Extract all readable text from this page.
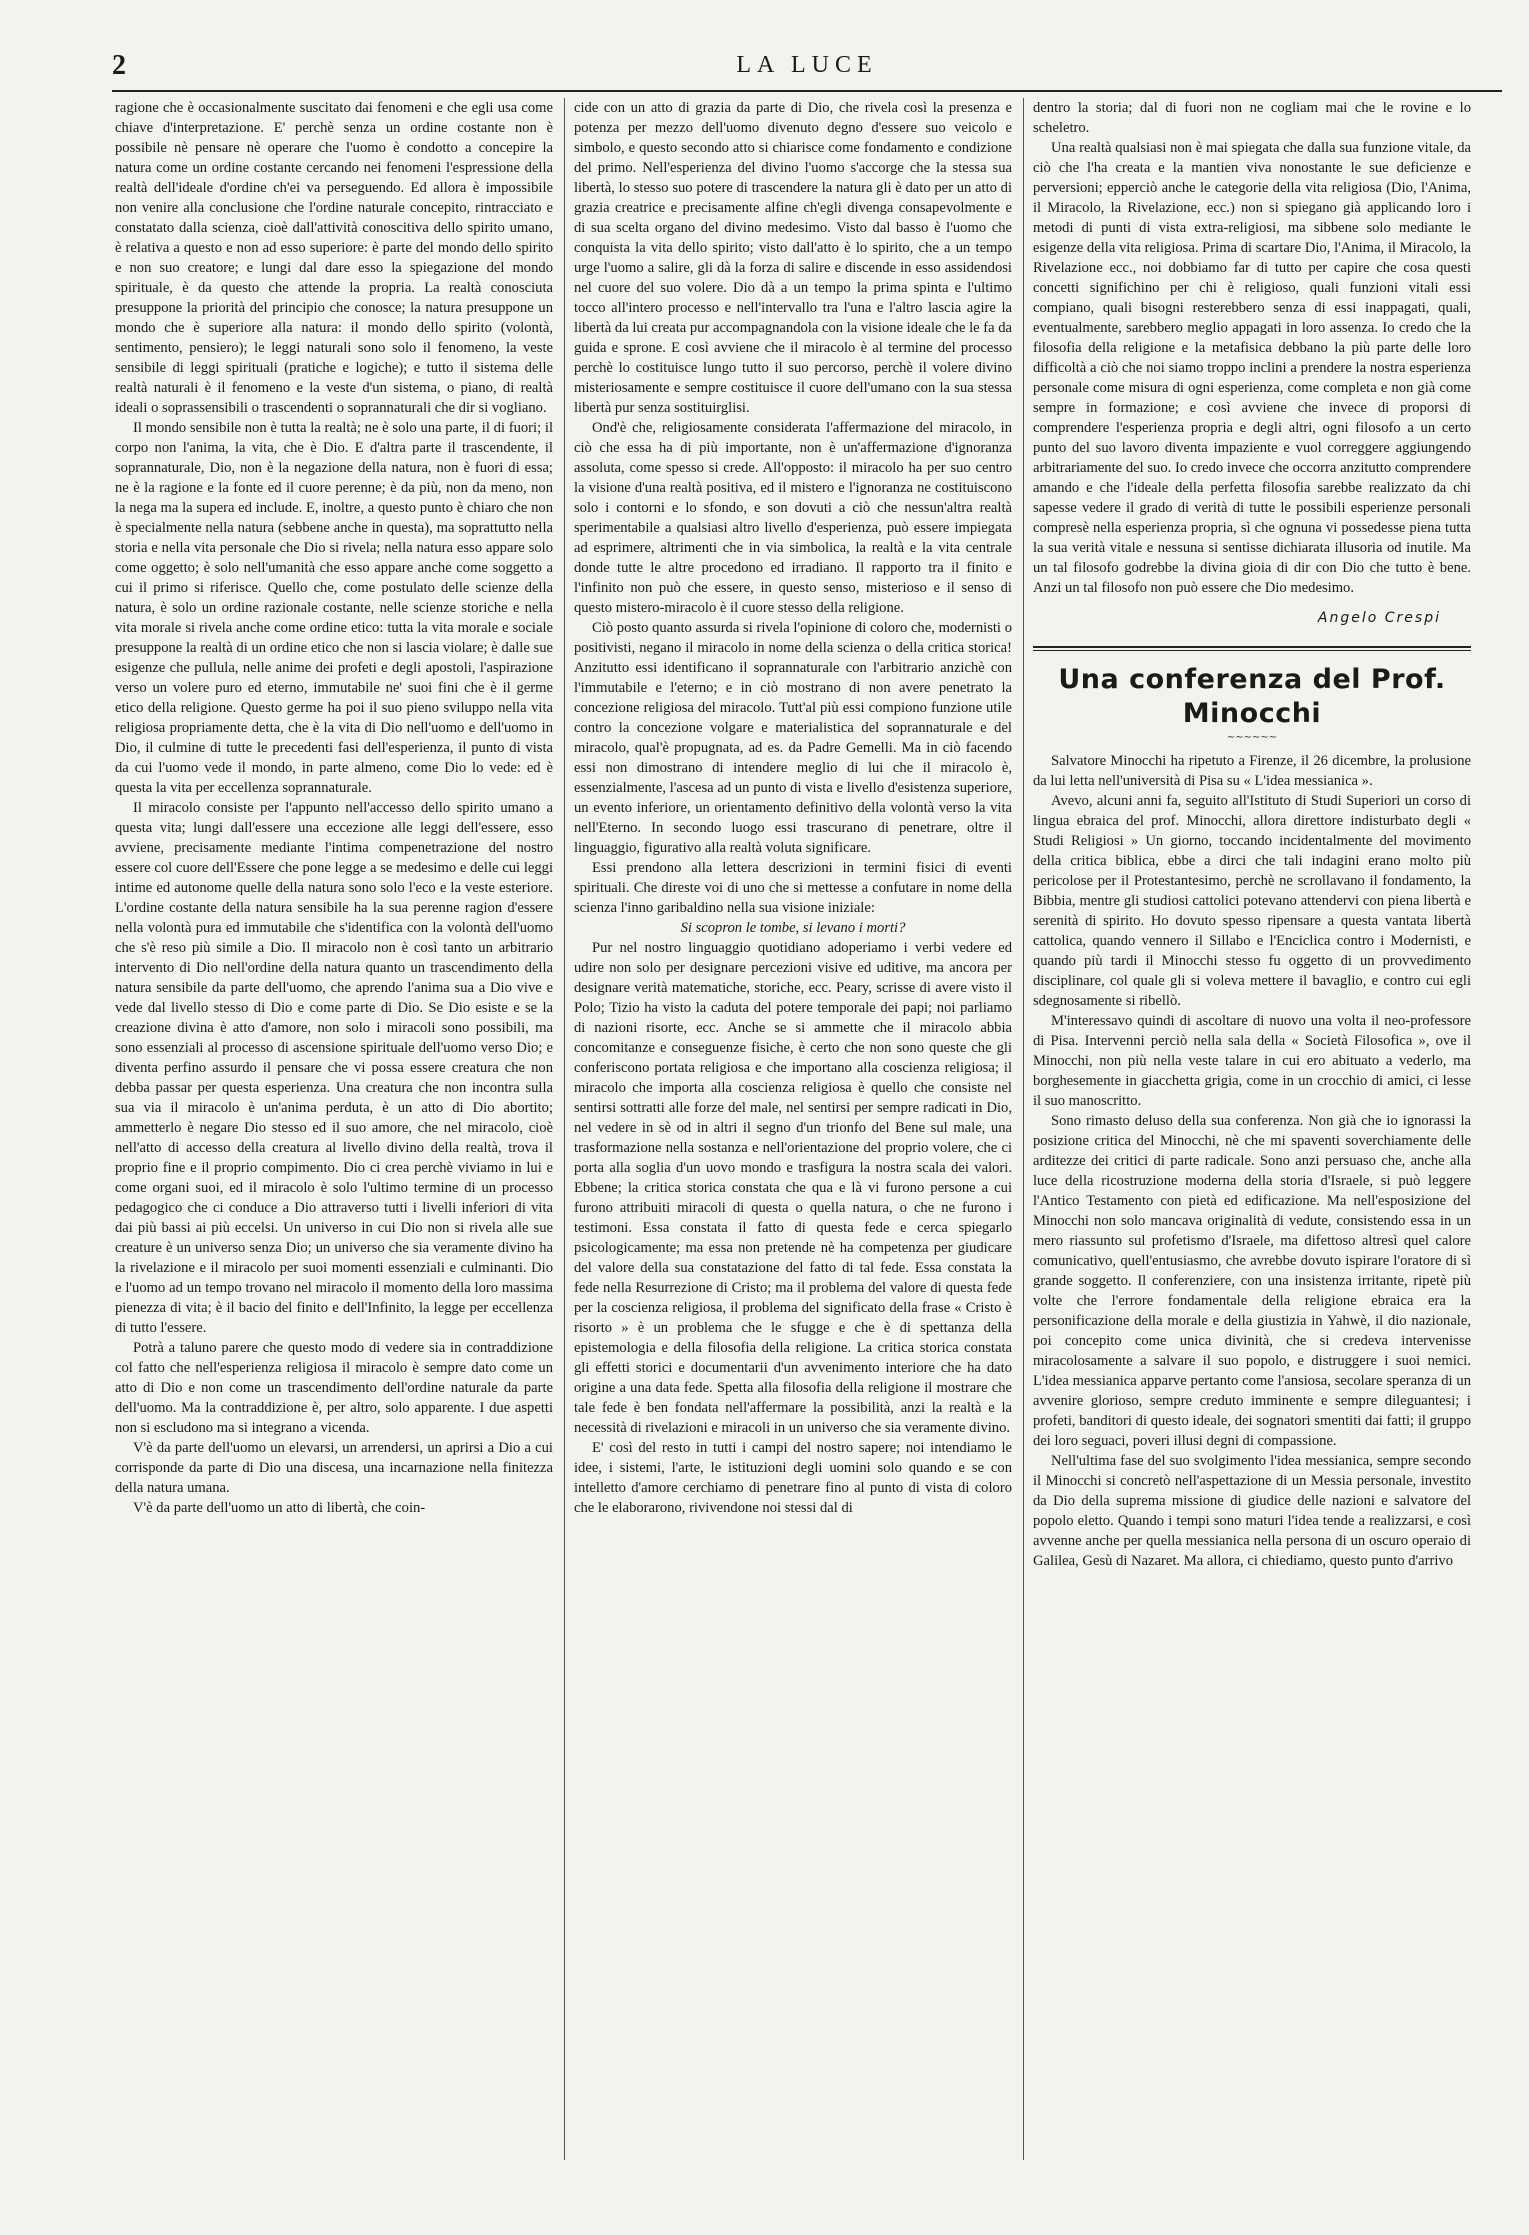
2	LA LUCE

ragione che è occasionalmente suscitato dai fenomeni e che egli usa come chiave d'interpretazione. E' perchè senza un ordine costante non è possibile nè pensare nè operare che l'uomo è condotto a concepire la natura come un ordine costante cercando nei fenomeni l'espressione della realtà dell'ideale d'ordine ch'ei va perseguendo. Ed allora è impossibile non venire alla conclusione che l'ordine naturale concepito, rintracciato e constatato dalla scienza, cioè dall'attività conoscitiva dello spirito umano, è relativa a questo e non ad esso superiore: è parte del mondo dello spirito e non suo creatore; e lungi dal dare esso la spiegazione del mondo spirituale, è da questo che attende la propria. La realtà conosciuta presuppone la priorità del principio che conosce; la natura presuppone un mondo che è superiore alla natura: il mondo dello spirito (volontà, sentimento, pensiero); le leggi naturali sono solo il fenomeno, la veste sensibile di leggi spirituali (pratiche e logiche); e tutto il sistema delle realtà naturali è il fenomeno e la veste d'un sistema, o piano, di realtà ideali o soprassensibili o trascendenti o soprannaturali che dir si vogliano.

Il mondo sensibile non è tutta la realtà; ne è solo una parte, il di fuori; il corpo non l'anima, la vita, che è Dio. E d'altra parte il trascendente, il soprannaturale, Dio, non è la negazione della natura, non è fuori di essa; ne è la ragione e la fonte ed il cuore perenne; è da più, non da meno, non la nega ma la supera ed include. E, inoltre, a questo punto è chiaro che non è specialmente nella natura (sebbene anche in questa), ma soprattutto nella storia e nella vita personale che Dio si rivela; nella natura esso appare solo come oggetto; è solo nell'umanità che esso appare anche come soggetto a cui il primo si riferisce. Quello che, come postulato delle scienze della natura, è solo un ordine razionale costante, nelle scienze storiche e nella vita morale si rivela anche come ordine etico: tutta la vita morale e sociale presuppone la realtà di un ordine etico che non si lascia violare; è dalle sue esigenze che pullula, nelle anime dei profeti e degli apostoli, l'aspirazione verso un volere puro ed eterno, immutabile ne' suoi fini che è il germe etico della religione. Questo germe ha poi il suo pieno sviluppo nella vita religiosa propriamente detta, che è la vita di Dio nell'uomo e dell'uomo in Dio, il culmine di tutte le precedenti fasi dell'esperienza, il punto di vista da cui l'uomo vede il mondo, in parte almeno, come Dio lo vede: ed è questa la vita per eccellenza soprannaturale.

Il miracolo consiste per l'appunto nell'accesso dello spirito umano a questa vita; lungi dall'essere una eccezione alle leggi dell'essere, esso avviene, precisamente mediante l'intima compenetrazione del nostro essere col cuore dell'Essere che pone legge a se medesimo e delle cui leggi intime ed autonome quelle della natura sono solo l'eco e la veste esteriore. L'ordine costante della natura sensibile ha la sua perenne ragion d'essere nella volontà pura ed immutabile che s'identifica con la volontà dell'uomo che s'è reso più simile a Dio. Il miracolo non è così tanto un arbitrario intervento di Dio nell'ordine della natura quanto un trascendimento della natura sensibile da parte dell'uomo, che aprendo l'anima sua a Dio vive e vede dal livello stesso di Dio e come parte di Dio. Se Dio esiste e se la creazione divina è atto d'amore, non solo i miracoli sono possibili, ma sono essenziali al processo di ascensione spirituale dell'uomo verso Dio; e diventa perfino assurdo il pensare che vi possa essere creatura che non debba passar per questa esperienza. Una creatura che non incontra sulla sua via il miracolo è un'anima perduta, è un atto di Dio abortito; ammetterlo è negare Dio stesso ed il suo amore, che nel miracolo, cioè nell'atto di accesso della creatura al livello divino della realtà, trova il proprio fine e il proprio compimento. Dio ci crea perchè viviamo in lui e come organi suoi, ed il miracolo è solo l'ultimo termine di un processo pedagogico che ci conduce a Dio attraverso tutti i livelli inferiori di vita dai più bassi ai più eccelsi. Un universo in cui Dio non si rivela alle sue creature è un universo senza Dio; un universo che sia veramente divino ha la rivelazione e il miracolo per suoi momenti essenziali e culminanti. Dio e l'uomo ad un tempo trovano nel miracolo il momento della loro massima pienezza di vita; è il bacio del finito e dell'Infinito, la legge per eccellenza di tutto l'essere.

Potrà a taluno parere che questo modo di vedere sia in contraddizione col fatto che nell'esperienza religiosa il miracolo è sempre dato come un atto di Dio e non come un trascendimento dell'ordine naturale da parte dell'uomo. Ma la contraddizione è, per altro, solo apparente. I due aspetti non si escludono ma si integrano a vicenda.

V'è da parte dell'uomo un elevarsi, un arrendersi, un aprirsi a Dio a cui corrisponde da parte di Dio una discesa, una incarnazione nella finitezza della natura umana.

V'è da parte dell'uomo un atto di libertà, che coin-

cide con un atto di grazia da parte di Dio, che rivela così la presenza e potenza per mezzo dell'uomo divenuto degno d'essere suo veicolo e simbolo, e questo secondo atto si chiarisce come fondamento e condizione del primo. Nell'esperienza del divino l'uomo s'accorge che la stessa sua libertà, lo stesso suo potere di trascendere la natura gli è dato per un atto di grazia creatrice e precisamente alfine ch'egli divenga consapevolmente e di sua scelta organo del divino medesimo. Visto dal basso è l'uomo che conquista la vita dello spirito; visto dall'atto è lo spirito, che a un tempo urge l'uomo a salire, gli dà la forza di salire e discende in esso assidendosi nel cuore del suo volere. Dio dà a un tempo la prima spinta e l'ultimo tocco all'intero processo e nell'intervallo tra l'una e l'altro lascia agire la libertà da lui creata pur accompagnandola con la visione ideale che le fa da guida e sprone. E così avviene che il miracolo è al termine del processo perchè lo costituisce lungo tutto il suo percorso, perchè il volere divino misteriosamente e sempre costituisce il cuore dell'umano con la sua stessa libertà pur senza sostituirglisi.

Ond'è che, religiosamente considerata l'affermazione del miracolo, in ciò che essa ha di più importante, non è un'affermazione d'ignoranza assoluta, come spesso si crede. All'opposto: il miracolo ha per suo centro la visione d'una realtà positiva, ed il mistero e l'ignoranza ne costituiscono solo i contorni e lo sfondo, e son dovuti a ciò che nessun'altra realtà sperimentabile a qualsiasi altro livello d'esperienza, può essere impiegata ad esprimere, altrimenti che in via simbolica, la realtà e la vita centrale donde tutte le altre procedono ed irradiano. Il rapporto tra il finito e l'infinito non può che essere, in questo senso, misterioso e il senso di questo mistero-miracolo è il cuore stesso della religione.

Ciò posto quanto assurda si rivela l'opinione di coloro che, modernisti o positivisti, negano il miracolo in nome della scienza o della critica storica! Anzitutto essi identificano il soprannaturale con l'arbitrario anzichè con l'immutabile e l'eterno; e in ciò mostrano di non avere penetrato la concezione religiosa del miracolo. Tutt'al più essi compiono funzione utile contro la concezione volgare e materialistica del soprannaturale e del miracolo, qual'è propugnata, ad es. da Padre Gemelli. Ma in ciò facendo essi non dimostrano di intendere meglio di lui che il miracolo è, essenzialmente, l'ascesa ad un punto di vista e livello d'esistenza superiore, un evento inferiore, un orientamento definitivo della volontà verso la vita nell'Eterno. In secondo luogo essi trascurano di penetrare, oltre il linguaggio, figurativo alla realtà voluta significare.

Essi prendono alla lettera descrizioni in termini fisici di eventi spirituali. Che direste voi di uno che si mettesse a confutare in nome della scienza l'inno garibaldino nella sua visione iniziale:

Si scopron le tombe, si levano i morti?

Pur nel nostro linguaggio quotidiano adoperiamo i verbi vedere ed udire non solo per designare percezioni visive ed uditive, ma ancora per designare verità matematiche, storiche, ecc. Peary, scrisse di avere visto il Polo; Tizio ha visto la caduta del potere temporale dei papi; noi parliamo di nazioni risorte, ecc. Anche se si ammette che il miracolo abbia concomitanze e conseguenze fisiche, è certo che non sono queste che gli conferiscono portata religiosa e che importano alla coscienza religiosa; il miracolo che importa alla coscienza religiosa è quello che consiste nel sentirsi sottratti alle forze del male, nel sentirsi per sempre radicati in Dio, nel vedere in sè od in altri il segno d'un trionfo del Bene sul male, una trasformazione nella sostanza e nell'orientazione del proprio volere, che ci porta alla soglia d'un uovo mondo e trasfigura la nostra scala dei valori. Ebbene; la critica storica constata che qua e là vi furono persone a cui furono attribuiti miracoli di questa o quella natura, o che ne furono i testimoni. Essa constata il fatto di questa fede e cerca spiegarlo psicologicamente; ma essa non pretende nè ha competenza per giudicare del valore della sua constatazione del fatto di tal fede. Essa constata la fede nella Resurrezione di Cristo; ma il problema del valore di questa fede per la coscienza religiosa, il problema del significato della frase « Cristo è risorto » è un problema che le sfugge e che è di spettanza della epistemologia e della filosofia della religione. La critica storica constata gli effetti storici e documentarii d'un avvenimento interiore che ha dato origine a una data fede. Spetta alla filosofia della religione il mostrare che tale fede è ben fondata nell'affermare la possibilità, anzi la realtà e la necessità di rivelazioni e miracoli in un universo che sia veramente divino.

E' così del resto in tutti i campi del nostro sapere; noi intendiamo le idee, i sistemi, l'arte, le istituzioni degli uomini solo quando e se con intelletto d'amore cerchiamo di penetrare fino al punto di vista di coloro che le elaborarono, rivivendone noi stessi dal di

dentro la storia; dal di fuori non ne cogliam mai che le rovine e lo scheletro.

Una realtà qualsiasi non è mai spiegata che dalla sua funzione vitale, da ciò che l'ha creata e la mantien viva nonostante le sue deficienze e perversioni; epperciò anche le categorie della vita religiosa (Dio, l'Anima, il Miracolo, la Rivelazione, ecc.) non si spiegano già applicando loro i metodi di punti di vista extra-religiosi, ma sibbene solo mediante le esigenze della vita religiosa. Prima di scartare Dio, l'Anima, il Miracolo, la Rivelazione ecc., noi dobbiamo far di tutto per capire che cosa questi concetti significhino per chi è religioso, quali funzioni vitali essi compiano, quali bisogni resterebbero senza di essi inappagati, quali, eventualmente, sarebbero meglio appagati in loro assenza. Io credo che la filosofia della religione e la metafisica debbano la più parte delle loro difficoltà a ciò che noi siamo troppo inclini a prendere la nostra esperienza personale come misura di ogni esperienza, come completa e non già come sempre in formazione; e così avviene che invece di proporsi di comprendere l'esperienza propria e degli altri, ogni filosofo a un certo punto del suo lavoro diventa impaziente e vuol correggere aggiungendo arbitrariamente del suo. Io credo invece che occorra anzitutto comprendere amando e che l'ideale della perfetta filosofia sarebbe realizzato da chi sapesse vedere il grado di verità di tutte le possibili esperienze personali compresè nella esperienza propria, sì che ognuna vi possedesse piena tutta la sua verità vitale e nessuna si sentisse dichiarata illusoria od inutile. Ma un tal filosofo godrebbe la divina gioia di dir con Dio che tutto è bene. Anzi un tal filosofo non può essere che Dio medesimo.

Angelo Crespi

Una conferenza del Prof. Minocchi
∼∼∼∼∼∼

Salvatore Minocchi ha ripetuto a Firenze, il 26 dicembre, la prolusione da lui letta nell'università di Pisa su « L'idea messianica ».

Avevo, alcuni anni fa, seguito all'Istituto di Studi Superiori un corso di lingua ebraica del prof. Minocchi, allora direttore indisturbato degli « Studi Religiosi » Un giorno, toccando incidentalmente del movimento della critica biblica, ebbe a dirci che tali indagini erano molto più pericolose per il Protestantesimo, perchè ne scrollavano il fondamento, la Bibbia, mentre gli studiosi cattolici potevano attendervi con piena libertà e serenità di spirito. Ho dovuto spesso ripensare a questa vantata libertà cattolica, quando vennero il Sillabo e l'Enciclica contro i Modernisti, e quando più tardi il Minocchi stesso fu oggetto di un provvedimento disciplinare, col quale gli si voleva mettere il bavaglio, e contro cui egli sdegnosamente si ribellò.

M'interessavo quindi di ascoltare di nuovo una volta il neo-professore di Pisa. Intervenni perciò nella sala della « Società Filosofica », ove il Minocchi, non più nella veste talare in cui ero abituato a vederlo, ma borghesemente in giacchetta grigia, come in un crocchio di amici, ci lesse il suo manoscritto.

Sono rimasto deluso della sua conferenza. Non già che io ignorassi la posizione critica del Minocchi, nè che mi spaventi soverchiamente delle arditezze dei critici di parte radicale. Sono anzi persuaso che, anche alla luce della ricostruzione moderna della storia d'Israele, si può leggere l'Antico Testamento con pietà ed edificazione. Ma nell'esposizione del Minocchi non solo mancava originalità di vedute, consistendo essa in un mero riassunto sul profetismo d'Israele, ma difettoso altresì quel calore comunicativo, quell'entusiasmo, che avrebbe dovuto ispirare l'oratore di sì grande soggetto. Il conferenziere, con una insistenza irritante, ripetè più volte che l'errore fondamentale della religione ebraica era la personificazione della morale e della giustizia in Yahwè, il dio nazionale, poi concepito come unica divinità, che si credeva intervenisse miracolosamente a salvare il suo popolo, e distruggere i suoi nemici. L'idea messianica apparve pertanto come l'ansiosa, secolare speranza di un avvenire glorioso, sempre creduto imminente e sempre dileguantesi; i profeti, banditori di questo ideale, dei sognatori smentiti dai fatti; il gruppo dei loro seguaci, poveri illusi degni di compassione.

Nell'ultima fase del suo svolgimento l'idea messianica, sempre secondo il Minocchi si concretò nell'aspettazione di un Messia personale, investito da Dio della suprema missione di giudice delle nazioni e salvatore del popolo eletto. Quando i tempi sono maturi l'idea tende a realizzarsi, e così avvenne anche per quella messianica nella persona di un oscuro operaio di Galilea, Gesù di Nazaret. Ma allora, ci chiediamo, questo punto d'arrivo
